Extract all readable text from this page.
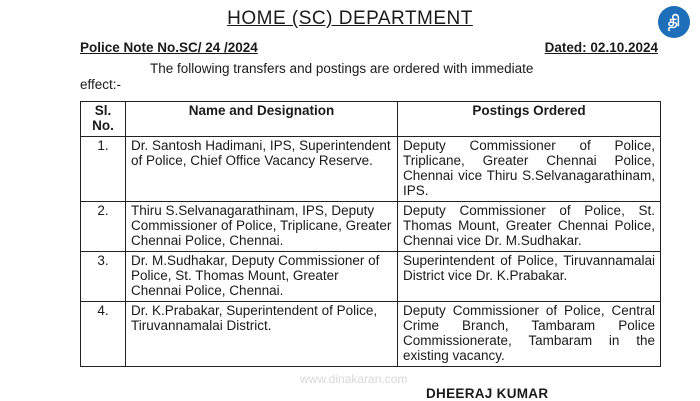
HOME (SC) DEPARTMENT	தி
Police Note No.SC/ 24 /2024	Dated: 02.10.2024
The following transfers and postings are ordered with immediate
effect:-
Sl. No.	Name and Designation	Postings Ordered
1.	Dr. Santosh Hadimani, IPS, Superintendent of Police, Chief Office Vacancy Reserve.	Deputy Commissioner of Police, Triplicane, Greater Chennai Police, Chennai vice Thiru S.Selvanagarathinam, IPS.
2.	Thiru S.Selvanagarathinam, IPS, Deputy Commissioner of Police, Triplicane, Greater Chennai Police, Chennai.	Deputy Commissioner of Police, St. Thomas Mount, Greater Chennai Police, Chennai vice Dr. M.Sudhakar.
3.	Dr. M.Sudhakar, Deputy Commissioner of Police, St. Thomas Mount, Greater Chennai Police, Chennai.	Superintendent of Police, Tiruvannamalai District vice Dr. K.Prabakar.
4.	Dr. K.Prabakar, Superintendent of Police, Tiruvannamalai District.	Deputy Commissioner of Police, Central Crime Branch, Tambaram Police Commissionerate, Tambaram in the existing vacancy.
www.dinakaran.com
DHEERAJ KUMAR
